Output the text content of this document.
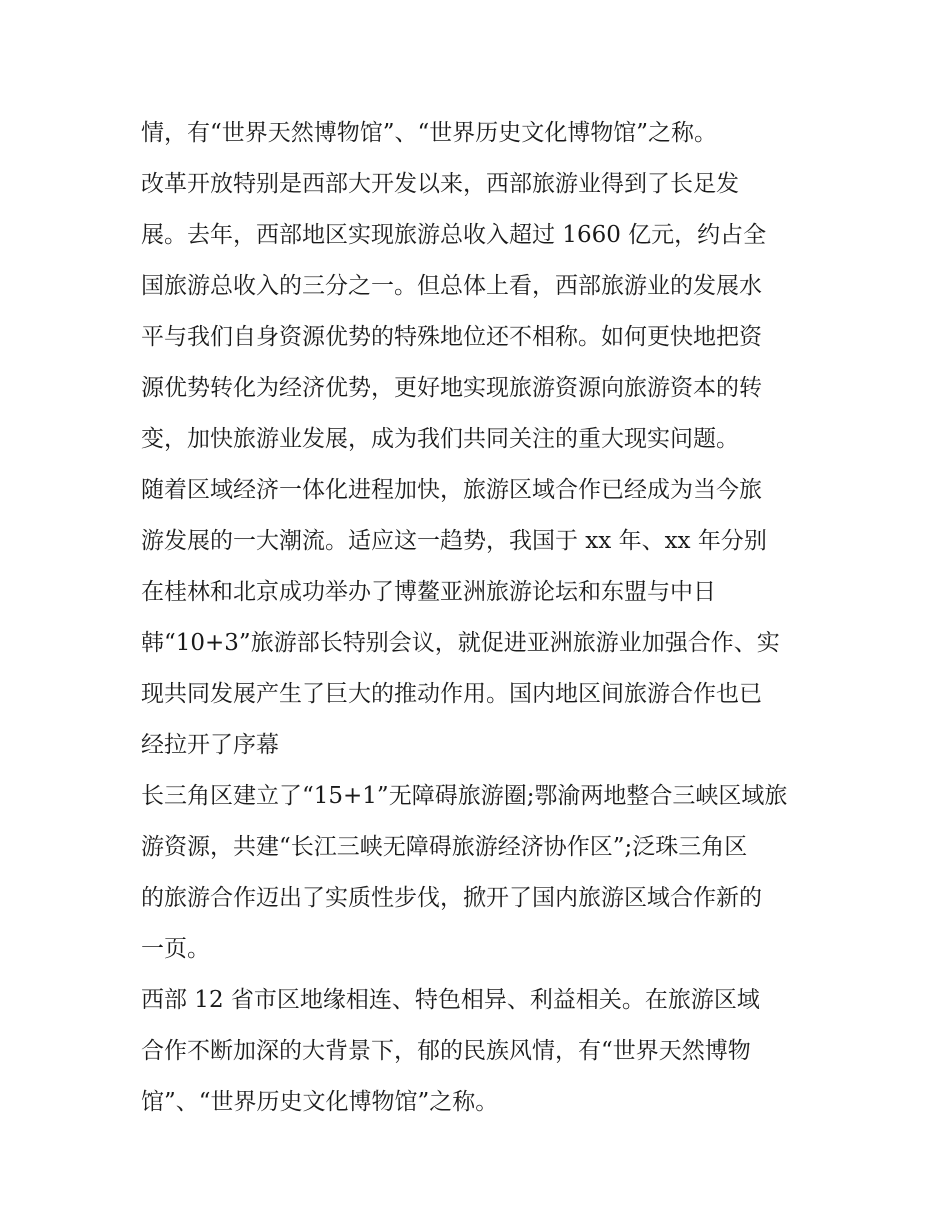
情，有“世界天然博物馆”、“世界历史文化博物馆”之称。
改革开放特别是西部大开发以来，西部旅游业得到了长足发
展。去年，西部地区实现旅游总收入超过 1660 亿元，约占全
国旅游总收入的三分之一。但总体上看，西部旅游业的发展水
平与我们自身资源优势的特殊地位还不相称。如何更快地把资
源优势转化为经济优势，更好地实现旅游资源向旅游资本的转
变，加快旅游业发展，成为我们共同关注的重大现实问题。
随着区域经济一体化进程加快，旅游区域合作已经成为当今旅
游发展的一大潮流。适应这一趋势，我国于 xx 年、xx 年分别
在桂林和北京成功举办了博鳌亚洲旅游论坛和东盟与中日
韩“10+3”旅游部长特别会议，就促进亚洲旅游业加强合作、实
现共同发展产生了巨大的推动作用。国内地区间旅游合作也已
经拉开了序幕
长三角区建立了“15+1”无障碍旅游圈;鄂渝两地整合三峡区域旅
游资源，共建“长江三峡无障碍旅游经济协作区”;泛珠三角区
的旅游合作迈出了实质性步伐，掀开了国内旅游区域合作新的
一页。
西部 12 省市区地缘相连、特色相异、利益相关。在旅游区域
合作不断加深的大背景下，郁的民族风情，有“世界天然博物
馆”、“世界历史文化博物馆”之称。
